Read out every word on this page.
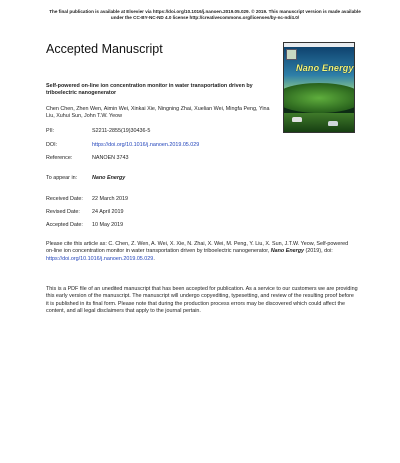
The final publication is available at Elsevier via https://doi.org/10.1016/j.nanoen.2019.05.029. © 2019. This manuscript version is made available
under the CC-BY-NC-ND 4.0 license http://creativecommons.org/licenses/by-nc-nd/4.0/
Accepted Manuscript
Self-powered on-line ion concentration monitor in water transportation driven by triboelectric nanogenerator
Chen Chen, Zhen Wen, Aimin Wei, Xinkai Xie, Ningning Zhai, Xuelian Wei, Mingfa Peng, Yina Liu, Xuhui Sun, John T.W. Yeow
PII:	S2211-2855(19)30436-5
DOI:	https://doi.org/10.1016/j.nanoen.2019.05.029
Reference:	NANOEN 3743
To appear in:	Nano Energy
Received Date: 22 March 2019
Revised Date: 24 April 2019
Accepted Date: 10 May 2019
Please cite this article as: C. Chen, Z. Wen, A. Wei, X. Xie, N. Zhai, X. Wei, M. Peng, Y. Liu, X. Sun, J.T.W. Yeow, Self-powered on-line ion concentration monitor in water transportation driven by triboelectric nanogenerator, Nano Energy (2019), doi: https://doi.org/10.1016/j.nanoen.2019.05.029.
This is a PDF file of an unedited manuscript that has been accepted for publication. As a service to our customers we are providing this early version of the manuscript. The manuscript will undergo copyediting, typesetting, and review of the resulting proof before it is published in its final form. Please note that during the production process errors may be discovered which could affect the content, and all legal disclaimers that apply to the journal pertain.
Nano Energy
